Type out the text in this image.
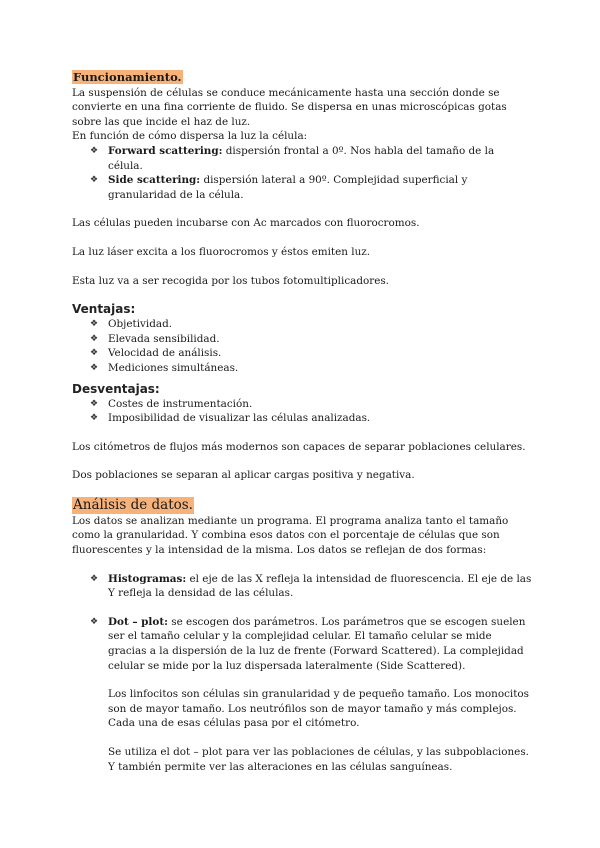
Funcionamiento.

La suspensión de células se conduce mecánicamente hasta una sección donde se convierte en una fina corriente de fluido. Se dispersa en unas microscópicas gotas sobre las que incide el haz de luz.

En función de cómo dispersa la luz la célula:

❖ Forward scattering: dispersión frontal a 0º. Nos habla del tamaño de la célula.
❖ Side scattering: dispersión lateral a 90º. Complejidad superficial y granularidad de la célula.

Las células pueden incubarse con Ac marcados con fluorocromos.

La luz láser excita a los fluorocromos y éstos emiten luz.

Esta luz va a ser recogida por los tubos fotomultiplicadores.

Ventajas:
❖ Objetividad.
❖ Elevada sensibilidad.
❖ Velocidad de análisis.
❖ Mediciones simultáneas.
Desventajas:
❖ Costes de instrumentación.
❖ Imposibilidad de visualizar las células analizadas.

Los citómetros de flujos más modernos son capaces de separar poblaciones celulares.

Dos poblaciones se separan al aplicar cargas positiva y negativa.

Análisis de datos.

Los datos se analizan mediante un programa. El programa analiza tanto el tamaño como la granularidad. Y combina esos datos con el porcentaje de células que son fluorescentes y la intensidad de la misma. Los datos se reflejan de dos formas:

❖ Histogramas: el eje de las X refleja la intensidad de fluorescencia. El eje de las Y refleja la densidad de las células.
❖ Dot – plot: se escogen dos parámetros. Los parámetros que se escogen suelen ser el tamaño celular y la complejidad celular. El tamaño celular se mide gracias a la dispersión de la luz de frente (Forward Scattered). La complejidad celular se mide por la luz dispersada lateralmente (Side Scattered).

Los linfocitos son células sin granularidad y de pequeño tamaño. Los monocitos son de mayor tamaño. Los neutrófilos son de mayor tamaño y más complejos. Cada una de esas células pasa por el citómetro.

Se utiliza el dot – plot para ver las poblaciones de células, y las subpoblaciones. Y también permite ver las alteraciones en las células sanguíneas.
